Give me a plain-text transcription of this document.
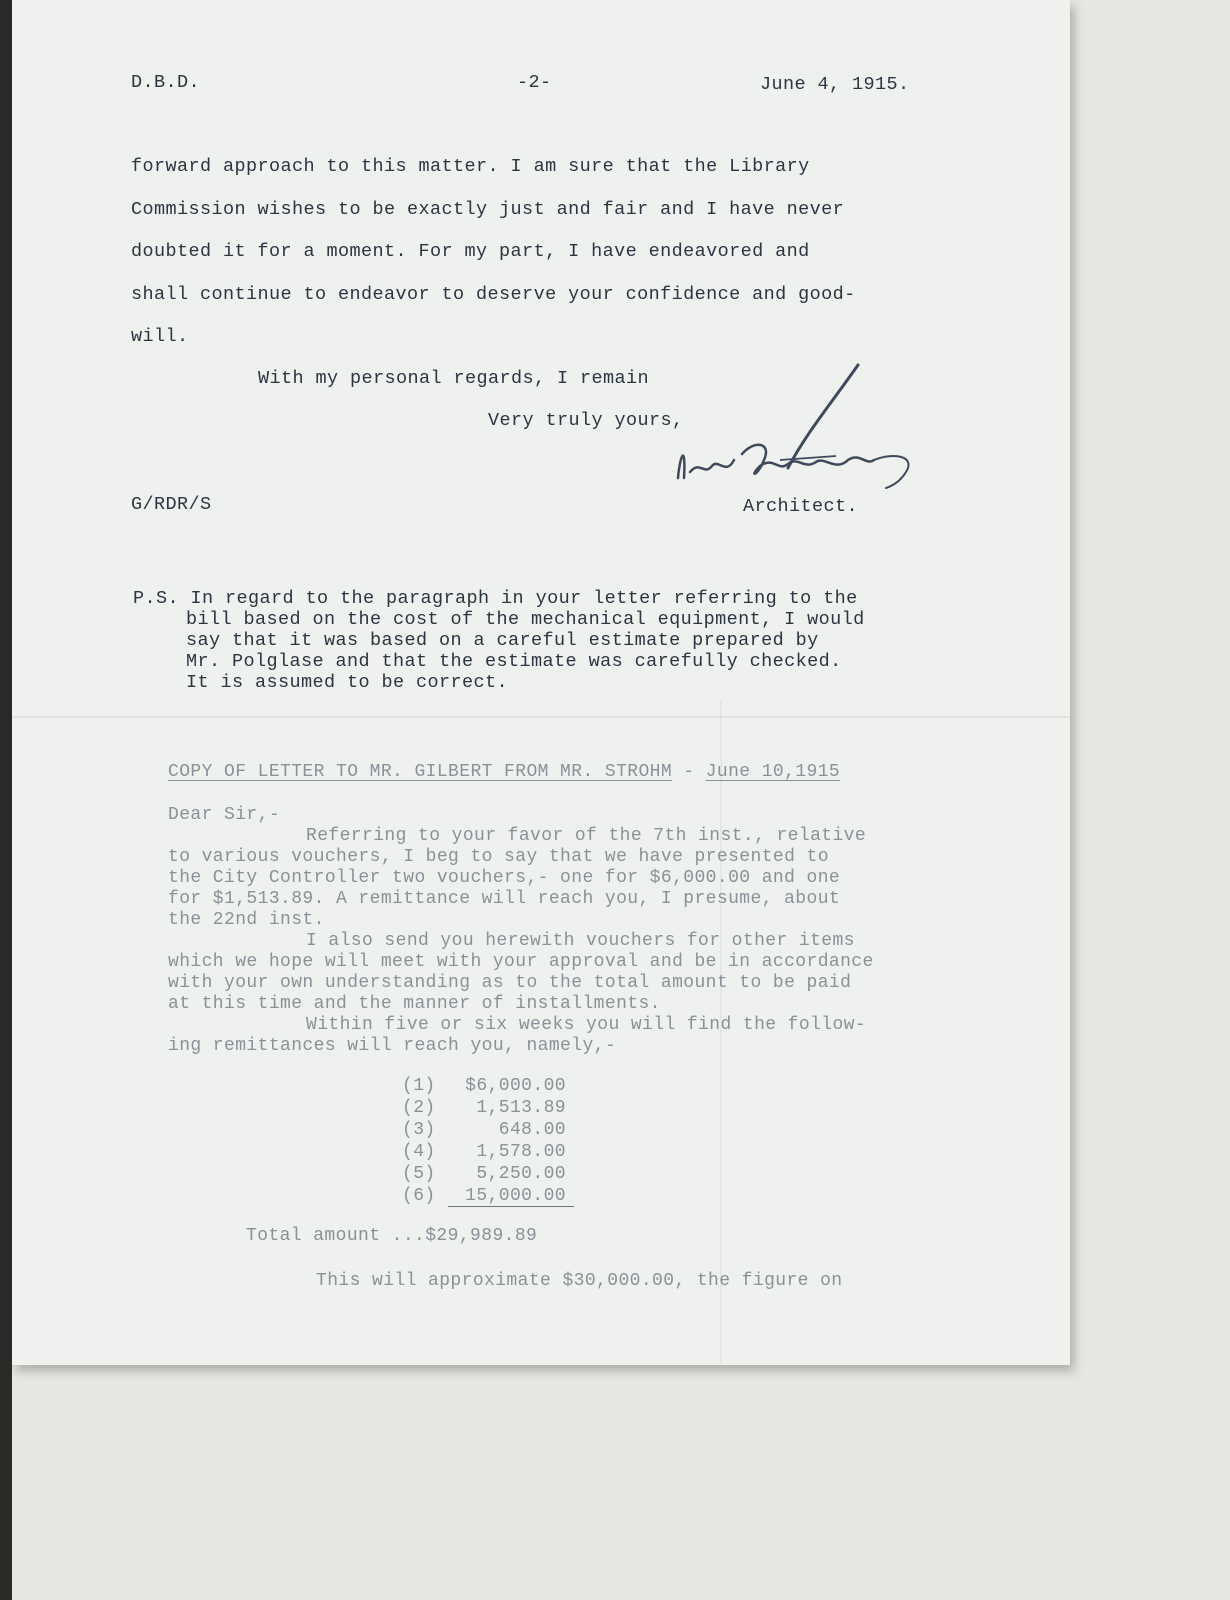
D.B.D.	-2-	June 4, 1915.
forward approach to this matter. I am sure that the Library
Commission wishes to be exactly just and fair and I have never
doubted it for a moment. For my part, I have endeavored and
shall continue to endeavor to deserve your confidence and good-
will.
With my personal regards, I remain
Very truly yours,
G/RDR/S	Architect.
P.S. In regard to the paragraph in your letter referring to the
bill based on the cost of the mechanical equipment, I would
say that it was based on a careful estimate prepared by
Mr. Polglase and that the estimate was carefully checked.
It is assumed to be correct.
COPY OF LETTER TO MR. GILBERT FROM MR. STROHM - June 10,1915
Dear Sir,-
Referring to your favor of the 7th inst., relative
to various vouchers, I beg to say that we have presented to
the City Controller two vouchers,- one for $6,000.00 and one
for $1,513.89. A remittance will reach you, I presume, about
the 22nd inst.
I also send you herewith vouchers for other items
which we hope will meet with your approval and be in accordance
with your own understanding as to the total amount to be paid
at this time and the manner of installments.
Within five or six weeks you will find the follow-
ing remittances will reach you, namely,-
(1) $6,000.00
(2) 1,513.89
(3)	648.00
(4) 1,578.00
(5) 5,250.00
(6) 15,000.00
Total amount ...$29,989.89
This will approximate $30,000.00, the figure on
